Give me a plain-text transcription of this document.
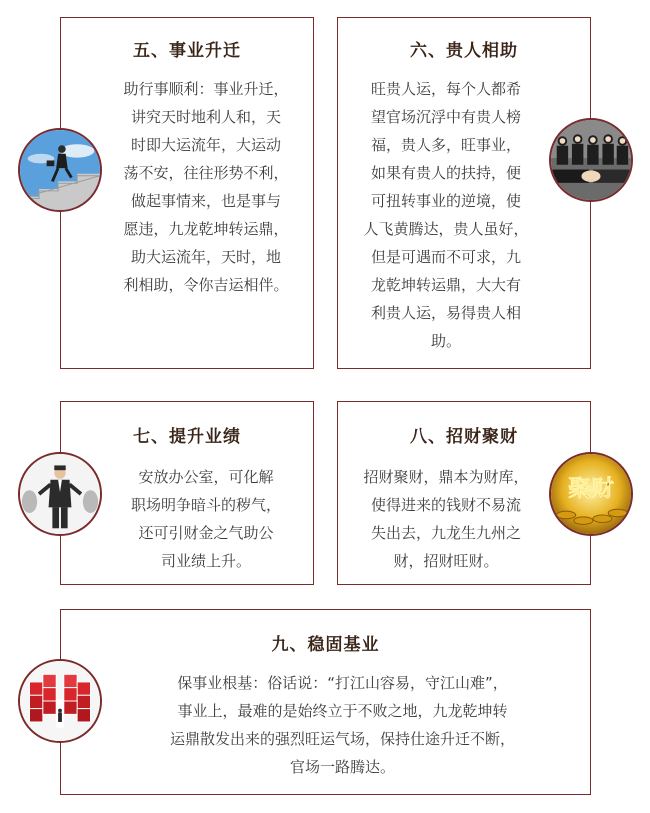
五、事业升迁

助行事顺利：事业升迁，

讲究天时地利人和，天

时即大运流年，大运动

荡不安，往往形势不利，

做起事情来，也是事与

愿违，九龙乾坤转运鼎，

助大运流年，天时，地

利相助，令你吉运相伴。

六、贵人相助

旺贵人运，每个人都希

望官场沉浮中有贵人榜

福，贵人多，旺事业，

如果有贵人的扶持，便

可扭转事业的逆境，使

人飞黄腾达，贵人虽好，

但是可遇而不可求，九

龙乾坤转运鼎，大大有

利贵人运，易得贵人相

助。

七、提升业绩

安放办公室，可化解

职场明争暗斗的秽气，

还可引财金之气助公

司业绩上升。

八、招财聚财

招财聚财，鼎本为财库，

使得进来的钱财不易流

失出去，九龙生九州之

财，招财旺财。

聚财
九、稳固基业

保事业根基：俗话说：“打江山容易，守江山难”，

事业上，最难的是始终立于不败之地，九龙乾坤转

运鼎散发出来的强烈旺运气场，保持仕途升迁不断，

官场一路腾达。
